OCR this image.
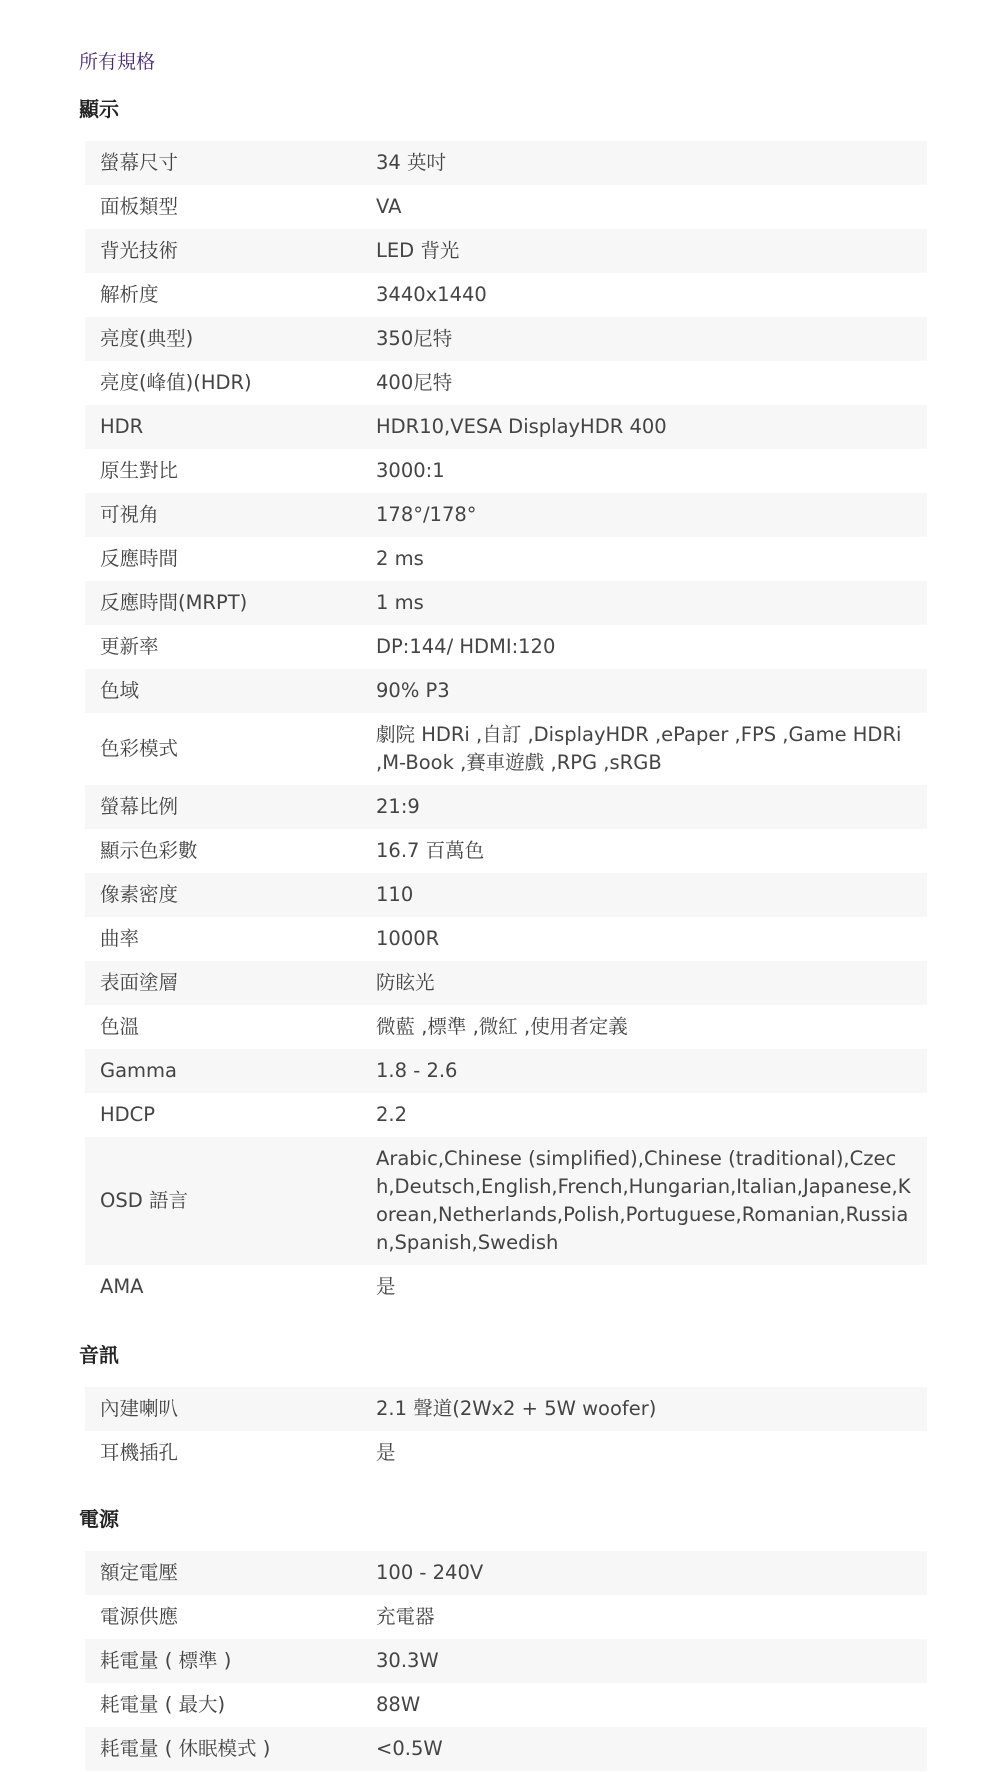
所有規格
顯示
螢幕尺寸	34 英吋
面板類型	VA
背光技術	LED 背光
解析度	3440x1440
亮度(典型)	350尼特
亮度(峰值)(HDR)	400尼特
HDR	HDR10,VESA DisplayHDR 400
原生對比	3000:1
可視角	178°/178°
反應時間	2 ms
反應時間(MRPT)	1 ms
更新率	DP:144/ HDMI:120
色域	90% P3
色彩模式	劇院 HDRi ,自訂 ,DisplayHDR ,ePaper ,FPS ,Game HDRi ,M-Book ,賽車遊戲 ,RPG ,sRGB
螢幕比例	21:9
顯示色彩數	16.7 百萬色
像素密度	110
曲率	1000R
表面塗層	防眩光
色溫	微藍 ,標準 ,微紅 ,使用者定義
Gamma	1.8 - 2.6
HDCP	2.2
OSD 語言	Arabic,Chinese (simplified),Chinese (traditional),Czech,Deutsch,English,French,Hungarian,Italian,Japanese,Korean,Netherlands,Polish,Portuguese,Romanian,Russian,Spanish,Swedish
AMA	是
音訊
內建喇叭	2.1 聲道(2Wx2 + 5W woofer)
耳機插孔	是
電源
額定電壓	100 - 240V
電源供應	充電器
耗電量 ( 標準 )	30.3W
耗電量 ( 最大)	88W
耗電量 ( 休眠模式 )	<0.5W
